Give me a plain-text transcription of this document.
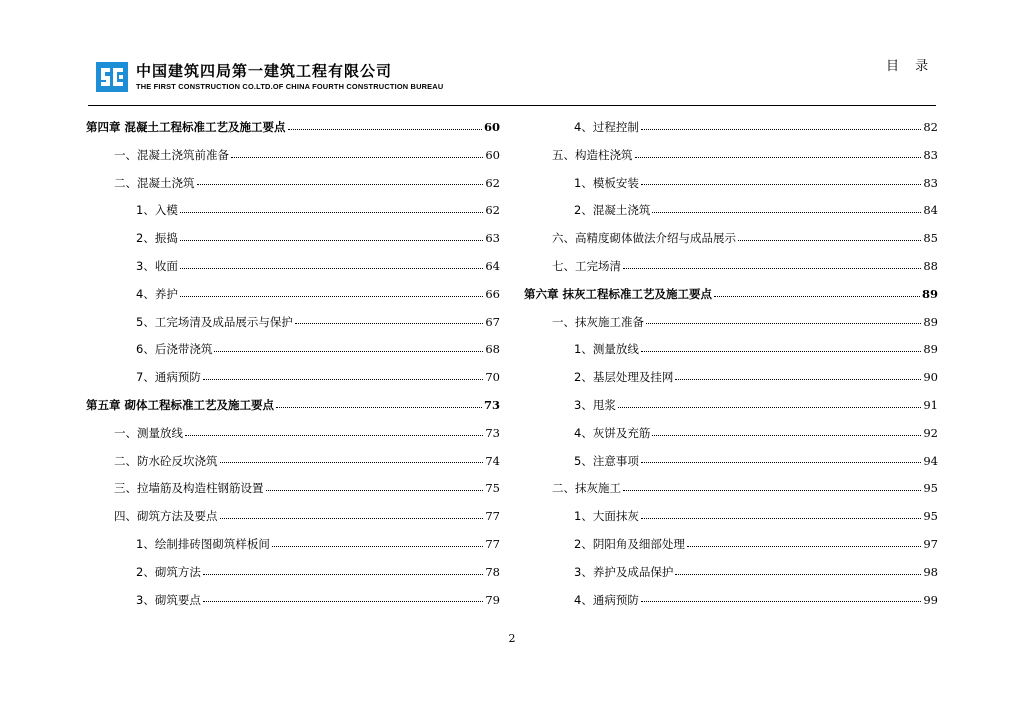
中国建筑四局第一建筑工程有限公司
THE FIRST CONSTRUCTION CO.LTD.OF CHINA FOURTH CONSTRUCTION BUREAU
目 录
第四章 混凝土工程标准工艺及施工要点	60
一、混凝土浇筑前准备	60
二、混凝土浇筑	62
1、入模	62
2、振捣	63
3、收面	64
4、养护	66
5、工完场清及成品展示与保护	67
6、后浇带浇筑	68
7、通病预防	70
第五章 砌体工程标准工艺及施工要点	73
一、测量放线	73
二、防水砼反坎浇筑	74
三、拉墙筋及构造柱钢筋设置	75
四、砌筑方法及要点	77
1、绘制排砖图砌筑样板间	77
2、砌筑方法	78
3、砌筑要点	79
4、过程控制	82
五、构造柱浇筑	83
1、模板安装	83
2、混凝土浇筑	84
六、高精度砌体做法介绍与成品展示	85
七、工完场清	88
第六章 抹灰工程标准工艺及施工要点	89
一、抹灰施工准备	89
1、测量放线	89
2、基层处理及挂网	90
3、甩浆	91
4、灰饼及充筋	92
5、注意事项	94
二、抹灰施工	95
1、大面抹灰	95
2、阴阳角及细部处理	97
3、养护及成品保护	98
4、通病预防	99
2
